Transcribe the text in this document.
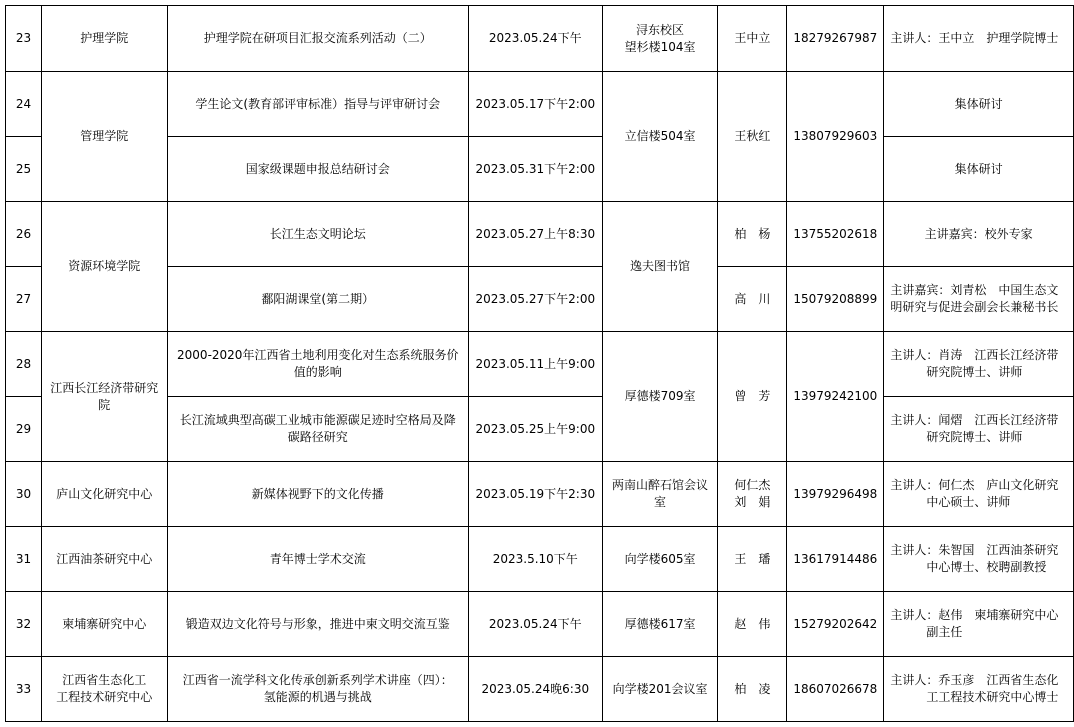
23	护理学院	护理学院在研项目汇报交流系列活动（二）	2023.05.24下午	浔东校区
望杉楼104室	王中立	18279267987	主讲人：王中立　护理学院博士
24	管理学院	学生论文(教育部评审标准）指导与评审研讨会	2023.05.17下午2:00	立信楼504室	王秋红	13807929603	集体研讨
25		国家级课题申报总结研讨会	2023.05.31下午2:00				集体研讨
26	资源环境学院	长江生态文明论坛	2023.05.27上午8:30	逸夫图书馆	柏　杨	13755202618	主讲嘉宾：校外专家
27		鄱阳湖课堂(第二期）	2023.05.27下午2:00		高　川	15079208899	主讲嘉宾：刘青松　中国生态文
明研究与促进会副会长兼秘书长

28	江西长江经济带研究
院	2000-2020年江西省土地利用变化对生态系统服务价
值的影响	2023.05.11上午9:00	厚德楼709室	曾　芳	13979242100	主讲人：肖涛　江西长江经济带
研究院博士、讲师

29		长江流域典型高碳工业城市能源碳足迹时空格局及降
碳路径研究	2023.05.25上午9:00				主讲人：闻熠　江西长江经济带
研究院博士、讲师

30	庐山文化研究中心	新媒体视野下的文化传播	2023.05.19下午2:30	两南山醉石馆会议
室	何仁杰
刘　娟	13979296498	主讲人：何仁杰　庐山文化研究
中心硕士、讲师

31	江西油茶研究中心	青年博士学术交流	2023.5.10下午	向学楼605室	王　璠	13617914486	主讲人：朱智国　江西油茶研究
中心博士、校聘副教授

32	柬埔寨研究中心	锻造双边文化符号与形象，推进中柬文明交流互鉴	2023.05.24下午	厚德楼617室	赵　伟	15279202642	主讲人：赵伟　柬埔寨研究中心
副主任

33	江西省生态化工
工程技术研究中心	江西省一流学科文化传承创新系列学术讲座（四）：
氢能源的机遇与挑战	2023.05.24晚6:30	向学楼201会议室	柏　凌	18607026678	主讲人：乔玉彦　江西省生态化
工工程技术研究中心博士
